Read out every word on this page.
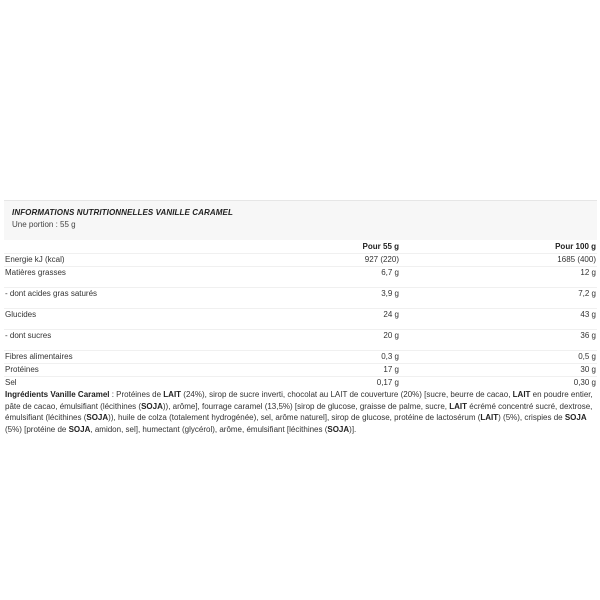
INFORMATIONS NUTRITIONNELLES VANILLE CARAMEL
Une portion : 55 g
	Pour 55 g	Pour 100 g
Energie kJ (kcal)	927 (220)	1685 (400)
Matières grasses	6,7 g	12 g
- dont acides gras saturés	3,9 g	7,2 g
Glucides	24 g	43 g
- dont sucres	20 g	36 g
Fibres alimentaires	0,3 g	0,5 g
Protéines	17 g	30 g
Sel	0,17 g	0,30 g
Ingrédients Vanille Caramel : Protéines de LAIT (24%), sirop de sucre inverti, chocolat au LAIT de couverture (20%) [sucre, beurre de cacao, LAIT en poudre entier, pâte de cacao, émulsifiant (lécithines (SOJA)), arôme], fourrage caramel (13,5%) [sirop de glucose, graisse de palme, sucre, LAIT écrémé concentré sucré, dextrose, émulsifiant (lécithines (SOJA)), huile de colza (totalement hydrogénée), sel, arôme naturel], sirop de glucose, protéine de lactosérum (LAIT) (5%), crispies de SOJA (5%) [protéine de SOJA, amidon, sel], humectant (glycérol), arôme, émulsifiant [lécithines (SOJA)].
